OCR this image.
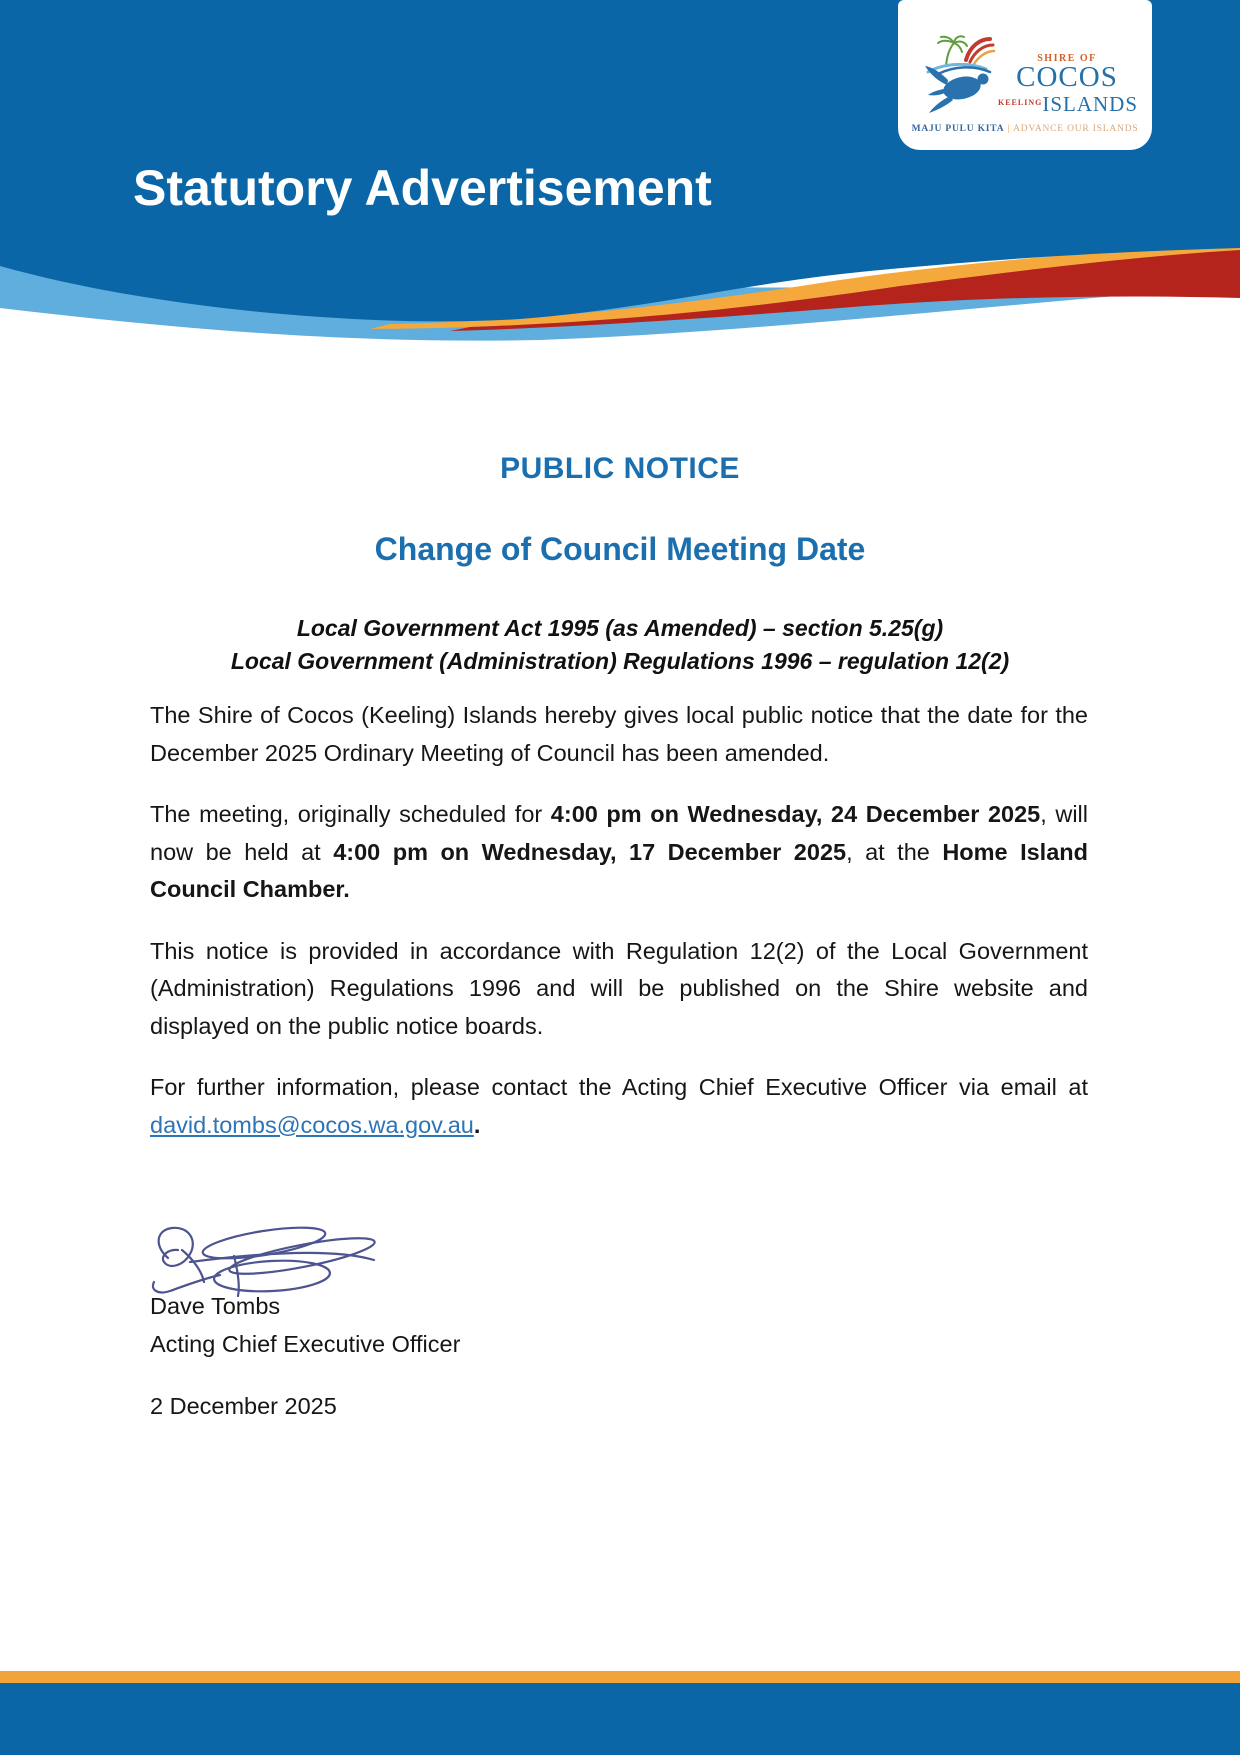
Statutory Advertisement
SHIRE OF
COCOS
$^{KEELING}$ISLANDS
MAJU PULU KITA | ADVANCE OUR ISLANDS
PUBLIC NOTICE
Change of Council Meeting Date
Local Government Act 1995 (as Amended) – section 5.25(g)
Local Government (Administration) Regulations 1996 – regulation 12(2)

The Shire of Cocos (Keeling) Islands hereby gives local public notice that the date for the December 2025 Ordinary Meeting of Council has been amended.

The meeting, originally scheduled for 4:00 pm on Wednesday, 24 December 2025, will now be held at 4:00 pm on Wednesday, 17 December 2025, at the Home Island Council Chamber.

This notice is provided in accordance with Regulation 12(2) of the Local Government (Administration) Regulations 1996 and will be published on the Shire website and displayed on the public notice boards.

For further information, please contact the Acting Chief Executive Officer via email at david.tombs@cocos.wa.gov.au.

Dave Tombs
Acting Chief Executive Officer
2 December 2025
